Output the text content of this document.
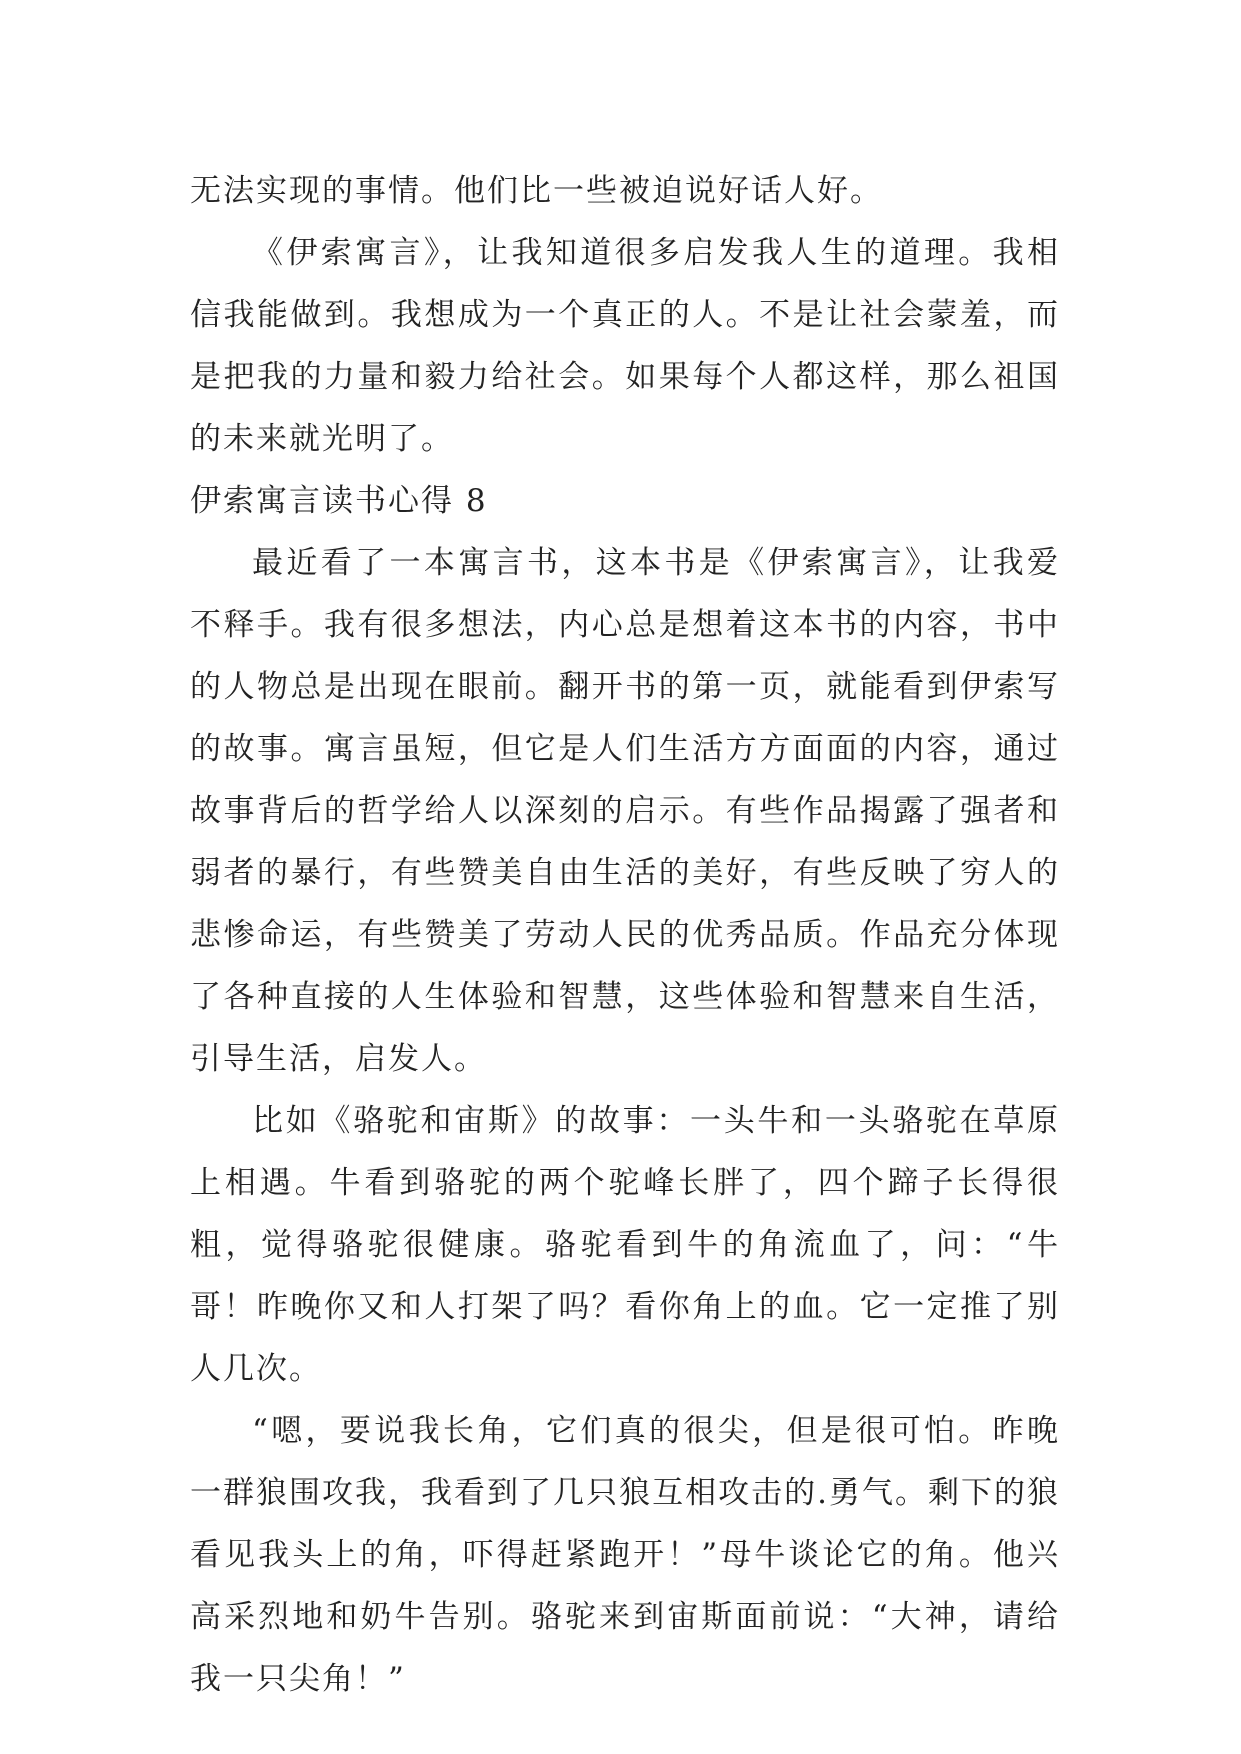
无法实现的事情。他们比一些被迫说好话人好。

《伊索寓言》，让我知道很多启发我人生的道理。我相信我能做到。我想成为一个真正的人。不是让社会蒙羞，而是把我的力量和毅力给社会。如果每个人都这样，那么祖国的未来就光明了。

伊索寓言读书心得 8

最近看了一本寓言书，这本书是《伊索寓言》，让我爱不释手。我有很多想法，内心总是想着这本书的内容，书中的人物总是出现在眼前。翻开书的第一页，就能看到伊索写的故事。寓言虽短，但它是人们生活方方面面的内容，通过故事背后的哲学给人以深刻的启示。有些作品揭露了强者和弱者的暴行，有些赞美自由生活的美好，有些反映了穷人的悲惨命运，有些赞美了劳动人民的优秀品质。作品充分体现了各种直接的人生体验和智慧，这些体验和智慧来自生活，引导生活，启发人。

比如《骆驼和宙斯》的故事：一头牛和一头骆驼在草原上相遇。牛看到骆驼的两个驼峰长胖了，四个蹄子长得很粗，觉得骆驼很健康。骆驼看到牛的角流血了，问：“牛哥！昨晚你又和人打架了吗？看你角上的血。它一定推了别人几次。

“嗯，要说我长角，它们真的很尖，但是很可怕。昨晚一群狼围攻我，我看到了几只狼互相攻击的.勇气。剩下的狼看见我头上的角，吓得赶紧跑开！”母牛谈论它的角。他兴高采烈地和奶牛告别。骆驼来到宙斯面前说：“大神，请给我一只尖角！”
